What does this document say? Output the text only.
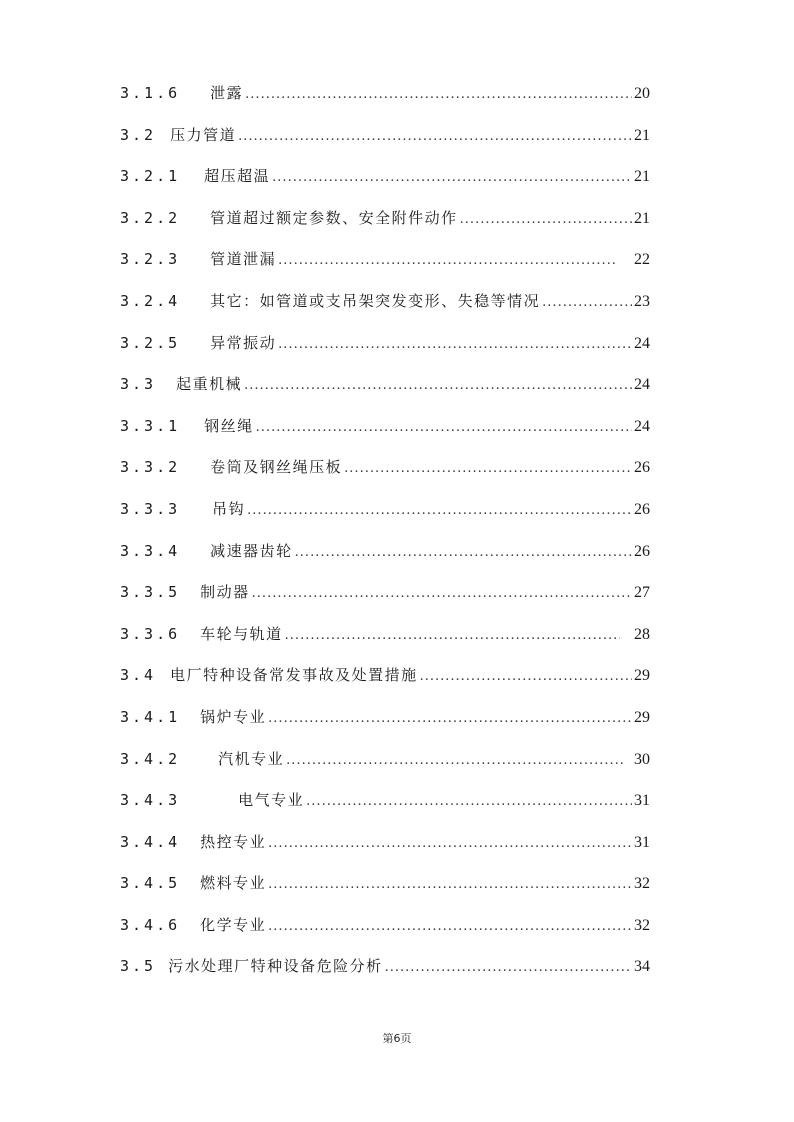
3.1.6 泄露 .....	20
3.2 压力管道 .....	21
3.2.1 超压超温 .....	21
3.2.2 管道超过额定参数、安全附件动作 .....	21
3.2.3 管道泄漏 .....	22
3.2.4 其它：如管道或支吊架突发变形、失稳等情况 .....	23
3.2.5 异常振动 .....	24
3.3 起重机械 .....	24
3.3.1 钢丝绳 .....	24
3.3.2 卷筒及钢丝绳压板 .....	26
3.3.3 吊钩 .....	26
3.3.4 减速器齿轮 .....	26
3.3.5 制动器 .....	27
3.3.6 车轮与轨道 .....	28
3.4 电厂特种设备常发事故及处置措施 .....	29
3.4.1 锅炉专业 .....	29
3.4.2	汽机专业 .....	30
3.4.3	电气专业 .....	31
3.4.4 热控专业 .....	31
3.4.5 燃料专业 .....	32
3.4.6 化学专业 .....	32
3.5 污水处理厂特种设备危险分析 .....	34
第6页
